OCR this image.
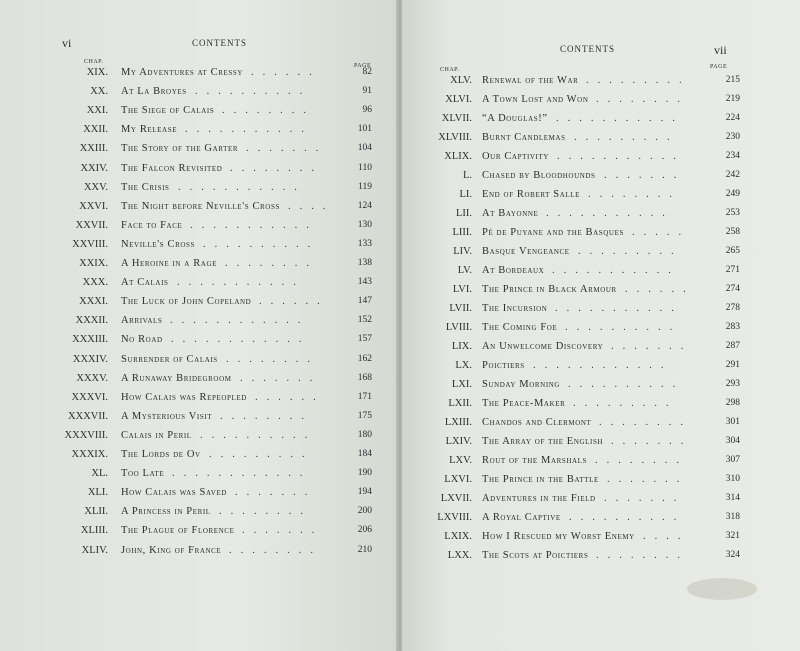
vi	CONTENTS
CHAP.
PAGE
XIX. My Adventures at Cressy ......	82
XX. At La Broyes ..........	91
XXI. The Siege of Calais ........	96
XXII. My Release ...........	101
XXIII. The Story of the Garter .......	104
XXIV. The Falcon Revisited ........	110
XXV. The Crisis ...........	119
XXVI. The Night before Neville's Cross ....	124
XXVII. Face to Face ...........	130
XXVIII. Neville's Cross ..........	133
XXIX. A Heroine in a Rage ........	138
XXX. At Calais ...........	143
XXXI. The Luck of John Copeland ......	147
XXXII. Arrivals ............	152
XXXIII. No Road ............	157
XXXIV. Surrender of Calais ........	162
XXXV. A Runaway Bridegroom .......	168
XXXVI. How Calais was Repeopled ......	171
XXXVII. A Mysterious Visit ........	175
XXXVIII. Calais in Peril ..........	180
XXXIX. The Lords de Ov .........	184
XL. Too Late ............	190
XLI. How Calais was Saved .......	194
XLII. A Princess in Peril ........	200
XLIII. The Plague of Florence .......	206
XLIV. John, King of France ........	210
CONTENTS	vii
CHAP.	PAGE
XLV. Renewal of the War .........	215
XLVI. A Town Lost and Won ........	219
XLVII. “A Douglas!” ...........	224
XLVIII. Burnt Candlemas .........	230
XLIX. Our Captivity ...........	234
L. Chased by Bloodhounds .......	242
LI. End of Robert Salle ........	249
LII. At Bayonne ...........	253
LIII. Pé de Puyane and the Basques .....	258
LIV. Basque Vengeance .........	265
LV. At Bordeaux ...........	271
LVI. The Prince in Black Armour ......	274
LVII. The Incursion ...........	278
LVIII. The Coming Foe ..........	283
LIX. An Unwelcome Discovery .......	287
LX. Poictiers ............	291
LXI. Sunday Morning ..........	293
LXII. The Peace-Maker .........	298
LXIII. Chandos and Clermont ........	301
LXIV. The Array of the English .......	304
LXV. Rout of the Marshals ........	307
LXVI. The Prince in the Battle .......	310
LXVII. Adventures in the Field .......	314
LXVIII. A Royal Captive ..........	318
LXIX. How I Rescued my Worst Enemy ....	321
LXX. The Scots at Poictiers ........	324
